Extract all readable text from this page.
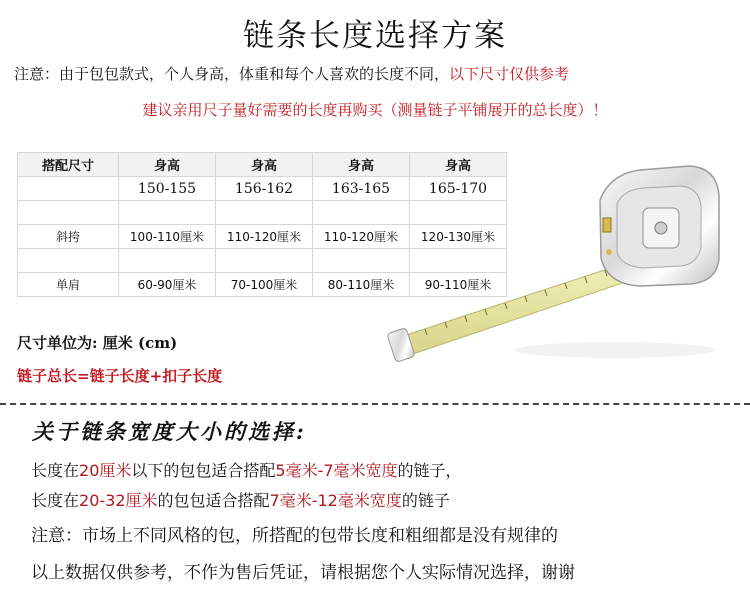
链条长度选择方案
注意：由于包包款式，个人身高，体重和每个人喜欢的长度不同，以下尺寸仅供参考
建议亲用尺子量好需要的长度再购买（测量链子平铺展开的总长度）！
搭配尺寸	身高	身高	身高	身高
	150-155	156-162	163-165	165-170

斜挎	100-110厘米	110-120厘米	110-120厘米	120-130厘米

单肩	60-90厘米	70-100厘米	80-110厘米	90-110厘米
尺寸单位为: 厘米 (cm)
链子总长=链子长度+扣子长度
关于链条宽度大小的选择:
长度在20厘米以下的包包适合搭配5毫米-7毫米宽度的链子，
长度在20-32厘米的包包适合搭配7毫米-12毫米宽度的链子
注意：市场上不同风格的包，所搭配的包带长度和粗细都是没有规律的
以上数据仅供参考，不作为售后凭证，请根据您个人实际情况选择，谢谢
